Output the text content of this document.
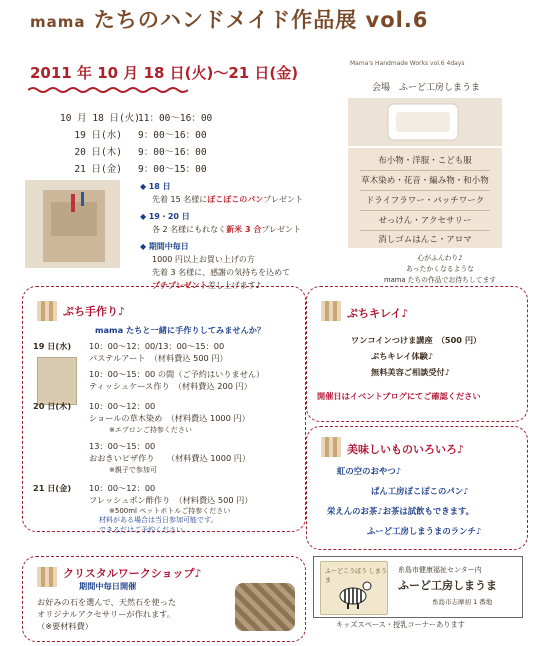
mama たちのハンドメイド作品展 vol.6
2011 年 10 月 18 日(火)〜21 日(金)
Mama's Handmade Works vol.6 4days
会場　ふーど工房しまうま
10 月 18 日(火)11：00〜16：00
19 日(水) 9：00〜16：00
20 日(木) 9：00〜16：00
21 日(金) 9：00〜15：00
◆ 18 日
先着 15 名様にぽこぽこのパンプレゼント
◆ 19・20 日
各 2 名様にもれなく新米 3 合プレゼント
◆ 期間中毎日
1000 円以上お買い上げの方
先着 3 名様に、感謝の気持ちを込めて
プチプレゼント差し上げます♪
布小物・洋服・こども服
草木染め・花音・編み物・和小物
ドライフラワー・パッチワーク
せっけん・アクセサリー
消しゴムはんこ・アロマ
心がふんわり♪
あったかくなるような
mama たちの作品でお待ちしてます
ぷち手作り♪
mama たちと一緒に手作りしてみませんか？
19 日(水) 10：00〜12：00/13：00〜15：00
パステルアート　（材料費込 500 円）
10：00〜15：00 の間（ご予約はいりません）
ティッシュケース作り　（材料費込 200 円）
20 日(木) 10：00〜12：00
ショールの草木染め　（材料費込 1000 円）
※エプロンご持参ください
13：00〜15：00
おおきいピザ作り　　（材料費込 1000 円）
※親子で参加可
21 日(金) 10：00〜12：00
フレッシュポン酢作り　（材料費込 500 円）
※500ml ペットボトルご持参ください
材料がある場合は当日参加可能です。
できるだけご予約ください。
ぷちキレイ♪
ワンコインつけま講座　（500 円）
ぷちキレイ体験♪
無料美容ご相談受付♪
開催日はイベントブログにてご確認ください
美味しいものいろいろ♪
虹の空のおやつ♪
ぱん工房ぽこぽこのパン♪
栄えんのお茶♪お茶は試飲もできます。
ふーど工房しまうまのランチ♪
クリスタルワークショップ♪
期間中毎日開催
お好みの石を選んで、天然石を使った
オリジナルアクセサリーが作れます。
（※要材料費）
ふーどこうぼう しまうま
糸島市健康福祉センター内
ふーど工房しまうま
糸島市志摩初 1 番地
キッズスペース・授乳コーナーあります
